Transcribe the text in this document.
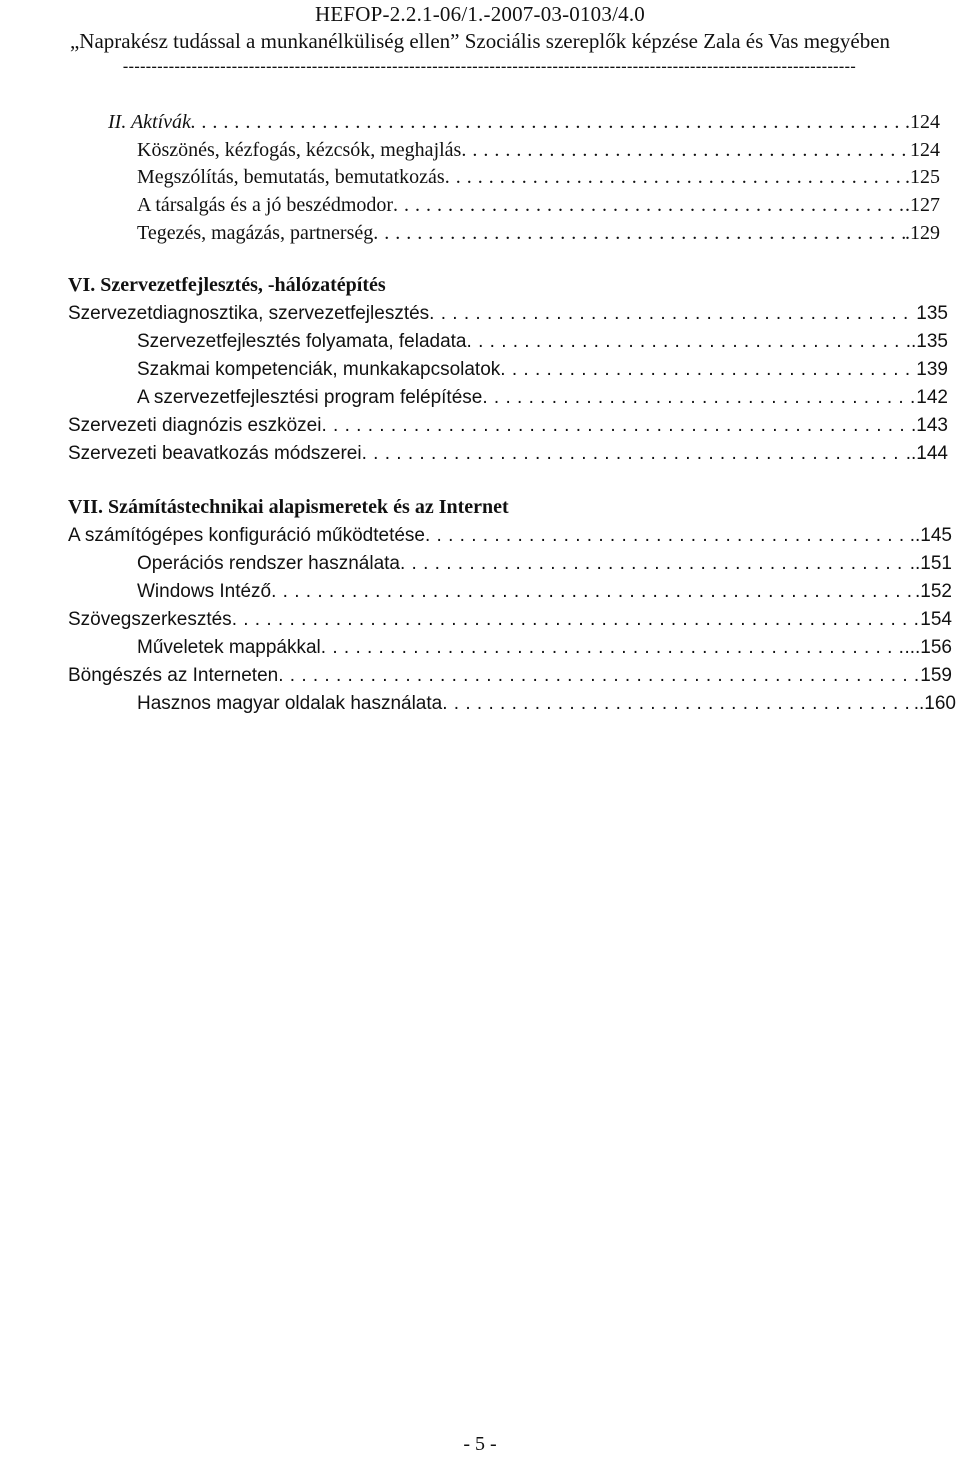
HEFOP-2.2.1-06/1.-2007-03-0103/4.0
„Naprakész tudással a munkanélküliség ellen” Szociális szereplők képzése Zala és Vas megyében
--------------------------------------------------------------------------------------------------------------------------------
II. Aktívák . . .	.124
Köszönés, kézfogás, kézcsók, meghajlás . . .	124
Megszólítás, bemutatás, bemutatkozás . . .	.125
A társalgás és a jó beszédmodor . . .	.127
Tegezés, magázás, partnerség . . .	.129
VI. Szervezetfejlesztés, -hálózatépítés
Szervezetdiagnosztika, szervezetfejlesztés . . .	135
Szervezetfejlesztés folyamata, feladata . . .	..135
Szakmai kompetenciák, munkakapcsolatok . . .	139
A szervezetfejlesztési program felépítése . . .	142
Szervezeti diagnózis eszközei . . .	.143
Szervezeti beavatkozás módszerei . . .	..144
VII. Számítástechnikai alapismeretek és az Internet
A számítógépes konfiguráció működtetése . . .	..145
Operációs rendszer használata . . .	..151
Windows Intéző . . .	.152
Szövegszerkesztés . . .	154
Műveletek mappákkal . . .	...156
Böngészés az Interneten . . .	159
Hasznos magyar oldalak használata . . .	..160
- 5 -
